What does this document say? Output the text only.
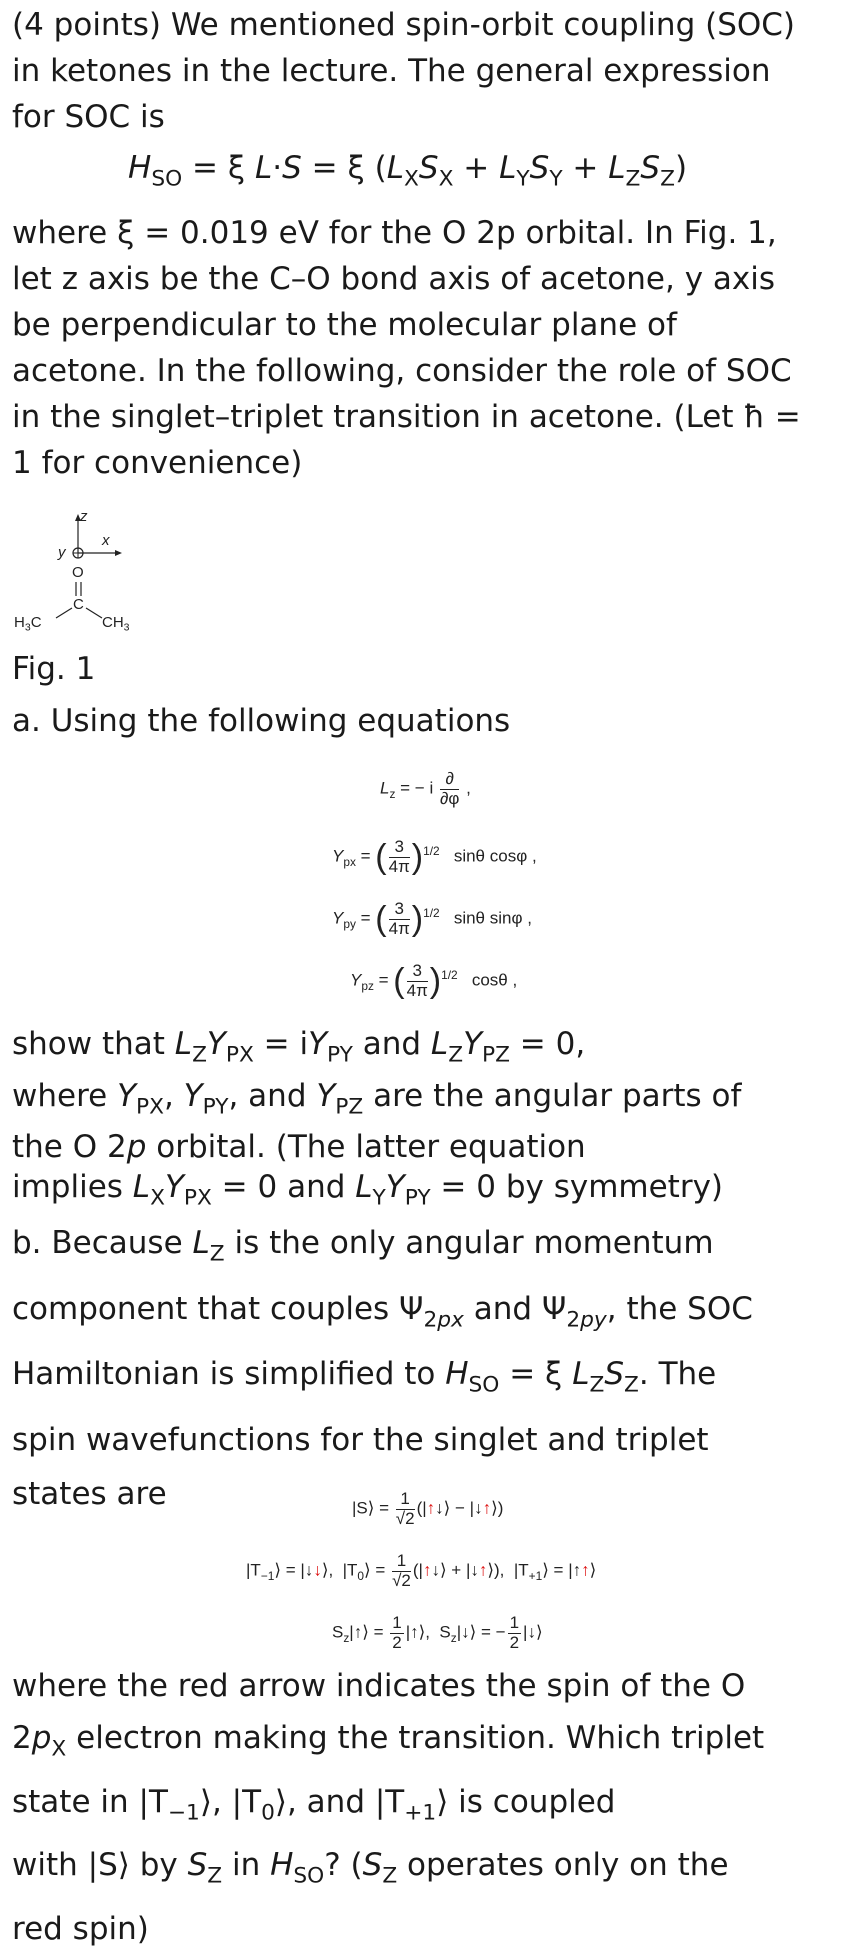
(4 points) We mentioned spin-orbit coupling (SOC)
in ketones in the lecture. The general expression
for SOC is
$H_{SO} = \xi$ L·S = ξ $(L_XS_X + L_YS_Y + L_ZS_Z)$
where ξ = 0.019 eV for the O 2p orbital. In Fig. 1,
let z axis be the C–O bond axis of acetone, y axis
be perpendicular to the molecular plane of
acetone. In the following, consider the role of SOC
in the singlet–triplet transition in acetone. (Let ħ =
1 for convenience)
z
x
y
O
C
$H_3C$	$CH_3$
Fig. 1
a. Using the following equations
$L_z$ = − i $\frac{\partial}{\partial\varphi}$ ,
$Y_{px}$ = ( $\frac{3}{4\pi} )^{1/2}$ sinθ cosφ ,
$Y_{py}$ = ( $\frac{3}{4\pi} )^{1/2}$ sinθ sinφ ,
$Y_{pz}$ = ( $\frac{3}{4\pi} )^{1/2}$ cosθ ,
show that $L_ZY_{PX} = iY_{PY}$ and $L_ZY_{PZ} = 0$,
where $Y_{PX}$, $Y_{PY}$, and $Y_{PZ}$ are the angular parts of
the O 2p orbital. (The latter equation
implies $L_XY_{PX} = 0$ and $L_YY_{PY} = 0$ by symmetry)
b. Because $L_Z$ is the only angular momentum
component that couples $\Psi_{2px}$ and $\Psi_{2py}$, the SOC
Hamiltonian is simplified to $H_{SO} = \xi$ $L_ZS_Z$. The
spin wavefunctions for the singlet and triplet
states are	|S⟩ = $\frac{1}{√2}$ (|↑↓⟩ − |↓↑⟩)
$|T_{-1}⟩$ = |↓↓⟩,  $|T_0⟩ = \frac{1}{√2}$ (|↑↓⟩ + |↓↑⟩),  $|T_{+1}⟩$ = |↑↑⟩
$S_z|↑⟩ = \frac{1}{2}$ |↑⟩,  $S_z|↓⟩$ = − $\frac{1}{2}$ |↓⟩
where the red arrow indicates the spin of the O
$2p_X$ electron making the transition. Which triplet
state in $|T_{-1}⟩$, $|T_0⟩$, and $|T_{+1}⟩$ is coupled
with |S⟩ by $S_Z$ in $H_{SO}$? ($S_Z$ operates only on the
red spin)
